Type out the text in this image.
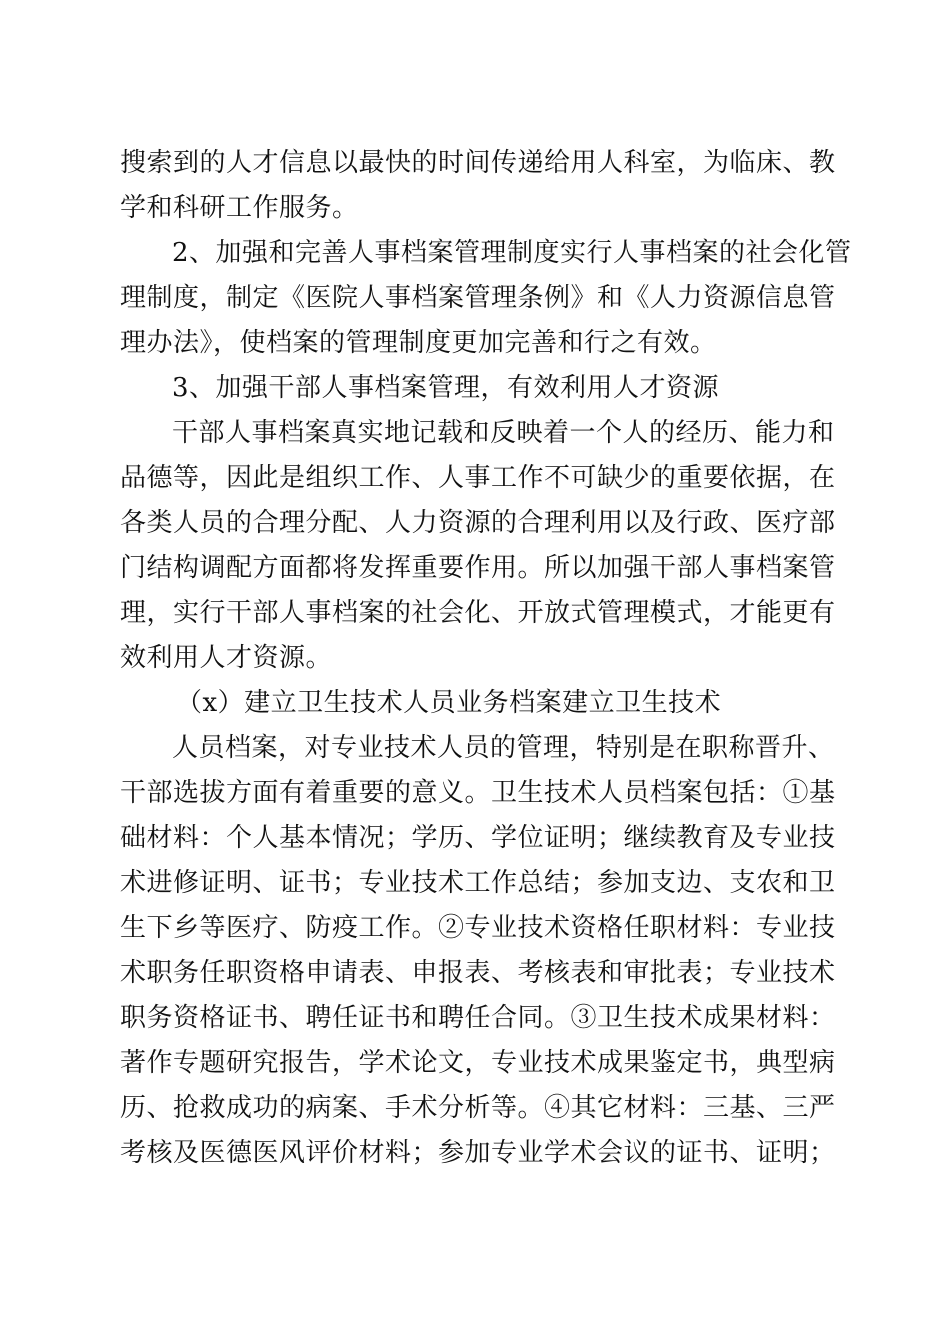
搜索到的人才信息以最快的时间传递给用人科室，为临床、教
学和科研工作服务。
2、加强和完善人事档案管理制度实行人事档案的社会化管
理制度，制定《医院人事档案管理条例》和《人力资源信息管
理办法》，使档案的管理制度更加完善和行之有效。
3、加强干部人事档案管理，有效利用人才资源
干部人事档案真实地记载和反映着一个人的经历、能力和
品德等，因此是组织工作、人事工作不可缺少的重要依据，在
各类人员的合理分配、人力资源的合理利用以及行政、医疗部
门结构调配方面都将发挥重要作用。所以加强干部人事档案管
理，实行干部人事档案的社会化、开放式管理模式，才能更有
效利用人才资源。
（x）建立卫生技术人员业务档案建立卫生技术
人员档案，对专业技术人员的管理，特别是在职称晋升、
干部选拔方面有着重要的意义。卫生技术人员档案包括：①基
础材料：个人基本情况；学历、学位证明；继续教育及专业技
术进修证明、证书；专业技术工作总结；参加支边、支农和卫
生下乡等医疗、防疫工作。②专业技术资格任职材料：专业技
术职务任职资格申请表、申报表、考核表和审批表；专业技术
职务资格证书、聘任证书和聘任合同。③卫生技术成果材料：
著作专题研究报告，学术论文，专业技术成果鉴定书，典型病
历、抢救成功的病案、手术分析等。④其它材料：三基、三严
考核及医德医风评价材料；参加专业学术会议的证书、证明；
